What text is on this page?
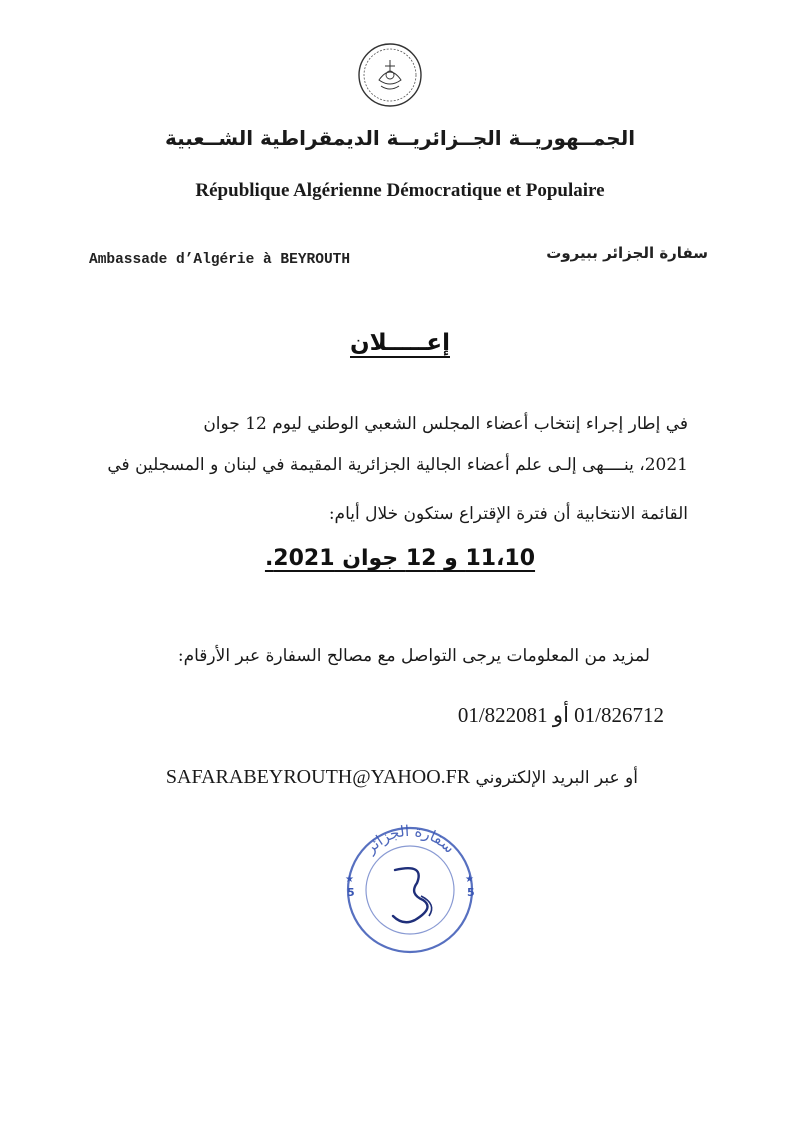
الجمــهوريــة الجــزائريــة الديمقراطية الشــعبية
République Algérienne Démocratique et Populaire
Ambassade d’Algérie à BEYROUTH	سفارة الجزائر ببيروت
إعـــــلان
في إطار إجراء إنتخاب أعضاء المجلس الشعبي الوطني ليوم 12 جوان
2021، ينــــهى إلـى علم أعضاء الجالية الجزائرية المقيمة في لبنان و المسجلين في
القائمة الانتخابية أن فترة الإقتراع ستكون خلال أيام:
11،10 و 12 جوان 2021.
لمزيد من المعلومات يرجى التواصل مع مصالح السفارة عبر الأرقام:
01/826712 أو 01/822081
أو عبر البريد الإلكتروني SAFARABEYROUTH@YAHOO.FR
سفارة الجزائر
5	5
★	★
